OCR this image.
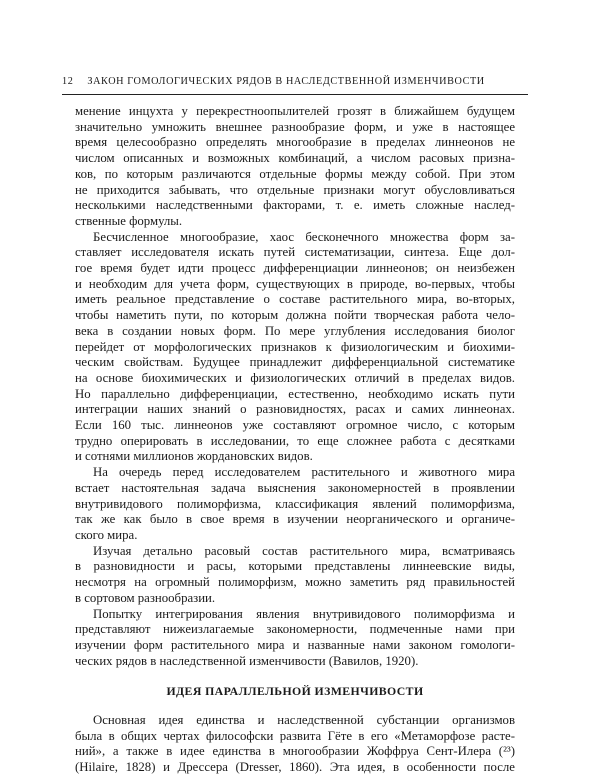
12 ЗАКОН ГОМОЛОГИЧЕСКИХ РЯДОВ В НАСЛЕДСТВЕННОЙ ИЗМЕНЧИВОСТИ
менение инцухта у перекрестноопылителей грозят в ближайшем будущем
значительно умножить внешнее разнообразие форм, и уже в настоящее
время целесообразно определять многообразие в пределах линнеонов не
числом описанных и возможных комбинаций, а числом расовых призна-
ков, по которым различаются отдельные формы между собой. При этом
не приходится забывать, что отдельные признаки могут обусловливаться
несколькими наследственными факторами, т. е. иметь сложные наслед-
ственные формулы.
Бесчисленное многообразие, хаос бесконечного множества форм за-
ставляет исследователя искать путей систематизации, синтеза. Еще дол-
гое время будет идти процесс дифференциации линнеонов; он неизбежен
и необходим для учета форм, существующих в природе, во-первых, чтобы
иметь реальное представление о составе растительного мира, во-вторых,
чтобы наметить пути, по которым должна пойти творческая работа чело-
века в создании новых форм. По мере углубления исследования биолог
перейдет от морфологических признаков к физиологическим и биохими-
ческим свойствам. Будущее принадлежит дифференциальной систематике
на основе биохимических и физиологических отличий в пределах видов.
Но параллельно дифференциации, естественно, необходимо искать пути
интеграции наших знаний о разновидностях, расах и самих линнеонах.
Если 160 тыс. линнеонов уже составляют огромное число, с которым
трудно оперировать в исследовании, то еще сложнее работа с десятками
и сотнями миллионов жордановских видов.
На очередь перед исследователем растительного и животного мира
встает настоятельная задача выяснения закономерностей в проявлении
внутривидового полиморфизма, классификация явлений полиморфизма,
так же как было в свое время в изучении неорганического и органиче-
ского мира.
Изучая детально расовый состав растительного мира, всматриваясь
в разновидности и расы, которыми представлены линнеевские виды,
несмотря на огромный полиморфизм, можно заметить ряд правильностей
в сортовом разнообразии.
Попытку интегрирования явления внутривидового полиморфизма и
представляют нижеизлагаемые закономерности, подмеченные нами при
изучении форм растительного мира и названные нами законом гомологи-
ческих рядов в наследственной изменчивости (Вавилов, 1920).
ИДЕЯ ПАРАЛЛЕЛЬНОЙ ИЗМЕНЧИВОСТИ
Основная идея единства и наследственной субстанции организмов
была в общих чертах философски развита Гёте в его «Метаморфозе расте-
ний», а также в идее единства в многообразии Жоффруа Сент-Илера (²³)
(Hilaire, 1828) и Дрессера (Dresser, 1860). Эта идея, в особенности после
